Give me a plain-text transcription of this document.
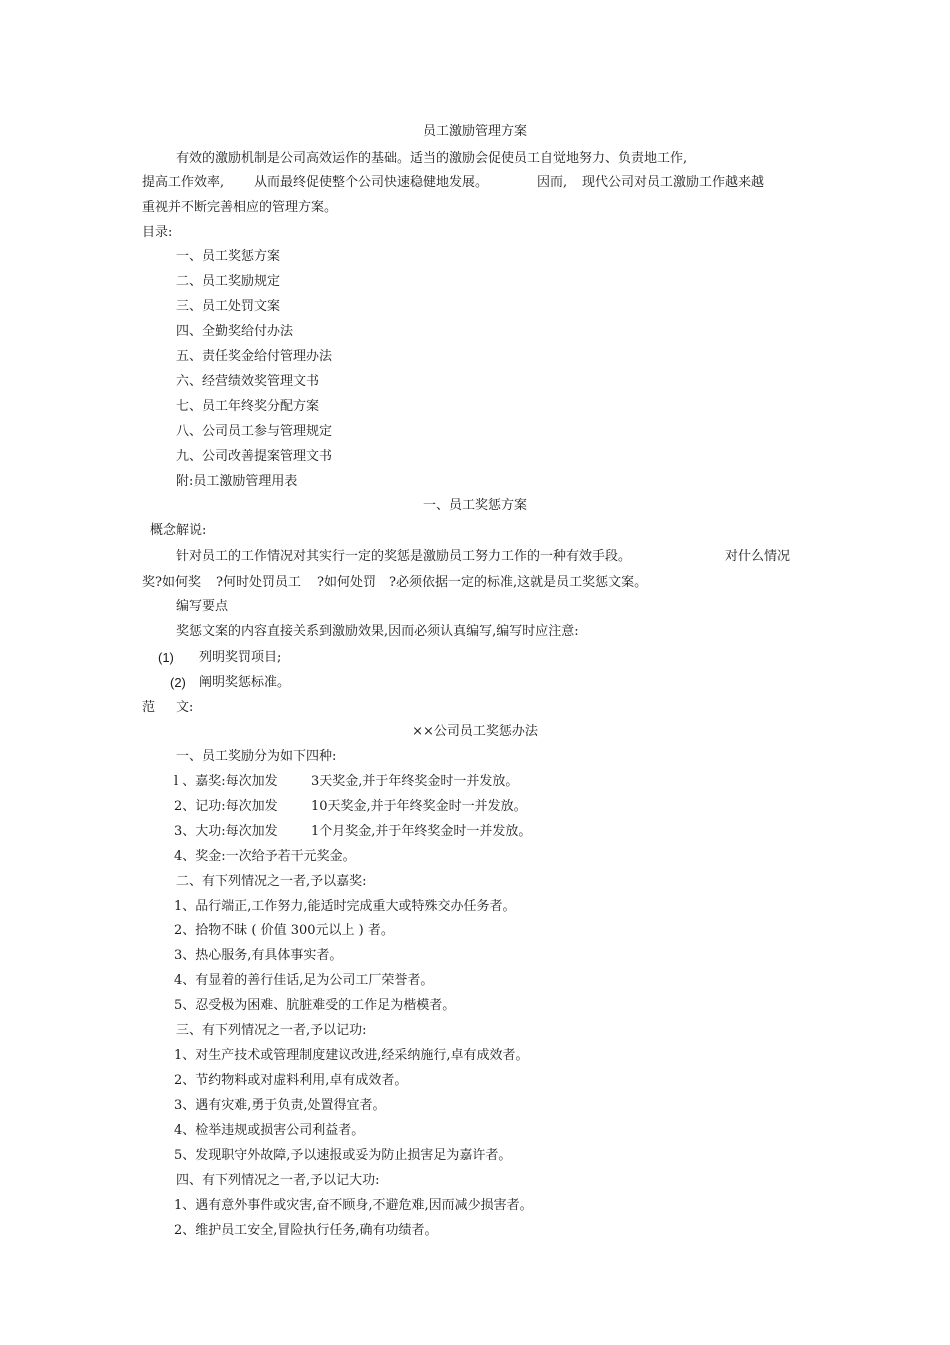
员工激励管理方案
有效的激励机制是公司高效运作的基础。适当的激励会促使员工自觉地努力、负责地工作,
提高工作效率, 从而最终促使整个公司快速稳健地发展。	因而, 现代公司对员工激励工作越来越
重视并不断完善相应的管理方案。
目录:
一、员工奖惩方案
二、员工奖励规定
三、员工处罚文案
四、全勤奖给付办法
五、责任奖金给付管理办法
六、经营绩效奖管理文书
七、员工年终奖分配方案
八、公司员工参与管理规定
九、公司改善提案管理文书
附:员工激励管理用表
一、员工奖惩方案
概念解说:
针对员工的工作情况对其实行一定的奖惩是激励员工努力工作的一种有效手段。	对什么情况
奖?如何奖 ?何时处罚员工 ?如何处罚 ?必须依据一定的标准,这就是员工奖惩文案。
编写要点
奖惩文案的内容直接关系到激励效果,因而必须认真编写,编写时应注意:
(1) 列明奖罚项目;
(2) 阐明奖惩标准。
范 文:
××公司员工奖惩办法
一、员工奖励分为如下四种:
l 、嘉奖:每次加发	3天奖金,并于年终奖金时一并发放。
2、记功:每次加发	10天奖金,并于年终奖金时一并发放。
3、大功:每次加发	1个月奖金,并于年终奖金时一并发放。
4、奖金:一次给予若干元奖金。
二、有下列情况之一者,予以嘉奖:
1、品行端正,工作努力,能适时完成重大或特殊交办任务者。
2、拾物不昧 ( 价值 300元以上 ) 者。
3、热心服务,有具体事实者。
4、有显着的善行佳话,足为公司工厂荣誉者。
5、忍受极为困难、肮脏难受的工作足为楷模者。
三、有下列情况之一者,予以记功:
1、对生产技术或管理制度建议改进,经采纳施行,卓有成效者。
2、节约物料或对虚料利用,卓有成效者。
3、遇有灾难,勇于负责,处置得宜者。
4、检举违规或损害公司利益者。
5、发现职守外故障,予以速报或妥为防止损害足为嘉许者。
四、有下列情况之一者,予以记大功:
1、遇有意外事件或灾害,奋不顾身,不避危难,因而减少损害者。
2、维护员工安全,冒险执行任务,确有功绩者。
